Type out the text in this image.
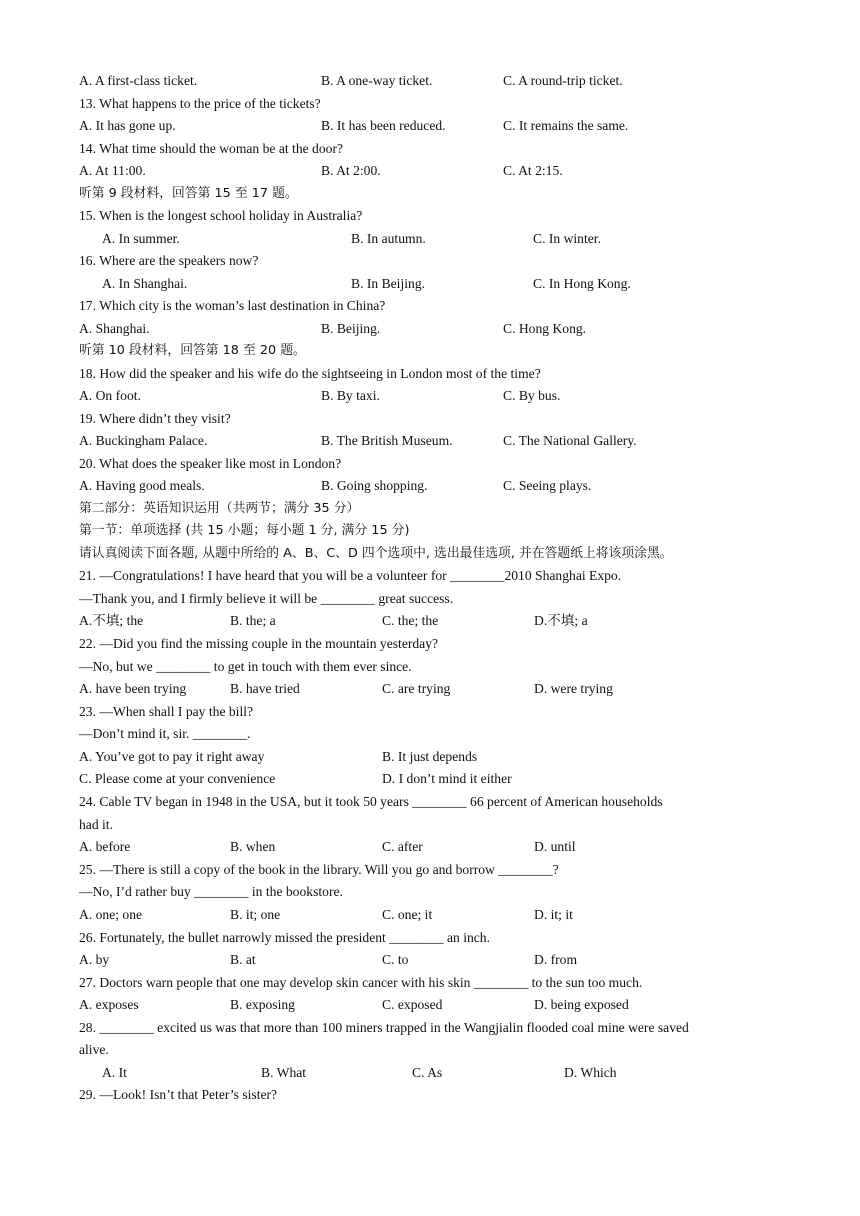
A. A first-class ticket.	B. A one-way ticket.	C. A round-trip ticket.
13. What happens to the price of the tickets?
A. It has gone up.	B. It has been reduced.	C. It remains the same.
14. What time should the woman be at the door?
A. At 11:00.	B. At 2:00.	C. At 2:15.
听第 9 段材料，回答第 15 至 17 题。
15. When is the longest school holiday in Australia?
A. In summer.	B. In autumn.	C. In winter.
16. Where are the speakers now?
A. In Shanghai.	B. In Beijing.	C. In Hong Kong.
17. Which city is the woman’s last destination in China?
A. Shanghai.	B. Beijing.	C. Hong Kong.
听第 10 段材料，回答第 18 至 20 题。
18. How did the speaker and his wife do the sightseeing in London most of the time?
A. On foot.	B. By taxi.	C. By bus.
19. Where didn’t they visit?
A. Buckingham Palace.	B. The British Museum.	C. The National Gallery.
20. What does the speaker like most in London?
A. Having good meals.	B. Going shopping.	C. Seeing plays.
第二部分：英语知识运用（共两节；满分 35 分）
第一节：单项选择 (共 15 小题；每小题 1 分, 满分 15 分)
请认真阅读下面各题, 从题中所给的 A、B、C、D 四个选项中, 选出最佳选项, 并在答题纸上将该项涂黑。
21. —Congratulations! I have heard that you will be a volunteer for ________2010 Shanghai Expo.
—Thank you, and I firmly believe it will be ________ great success.
A.不填; the	B. the; a	C. the; the	D.不填; a
22. —Did you find the missing couple in the mountain yesterday?
—No, but we ________ to get in touch with them ever since.
A. have been trying	B. have tried	C. are trying	D. were trying
23. —When shall I pay the bill?
—Don’t mind it, sir. ________.
A. You’ve got to pay it right away	B. It just depends
C. Please come at your convenience	D. I don’t mind it either
24. Cable TV began in 1948 in the USA, but it took 50 years ________ 66 percent of American households
had it.
A. before	B. when	C. after	D. until
25. —There is still a copy of the book in the library. Will you go and borrow ________?
—No, I’d rather buy ________ in the bookstore.
A. one; one	B. it; one	C. one; it	D. it; it
26. Fortunately, the bullet narrowly missed the president ________ an inch.
A. by	B. at	C. to	D. from
27. Doctors warn people that one may develop skin cancer with his skin ________ to the sun too much.
A. exposes	B. exposing	C. exposed	D. being exposed
28. ________ excited us was that more than 100 miners trapped in the Wangjialin flooded coal mine were saved
alive.
A. It	B. What	C. As	D. Which
29. —Look! Isn’t that Peter’s sister?
